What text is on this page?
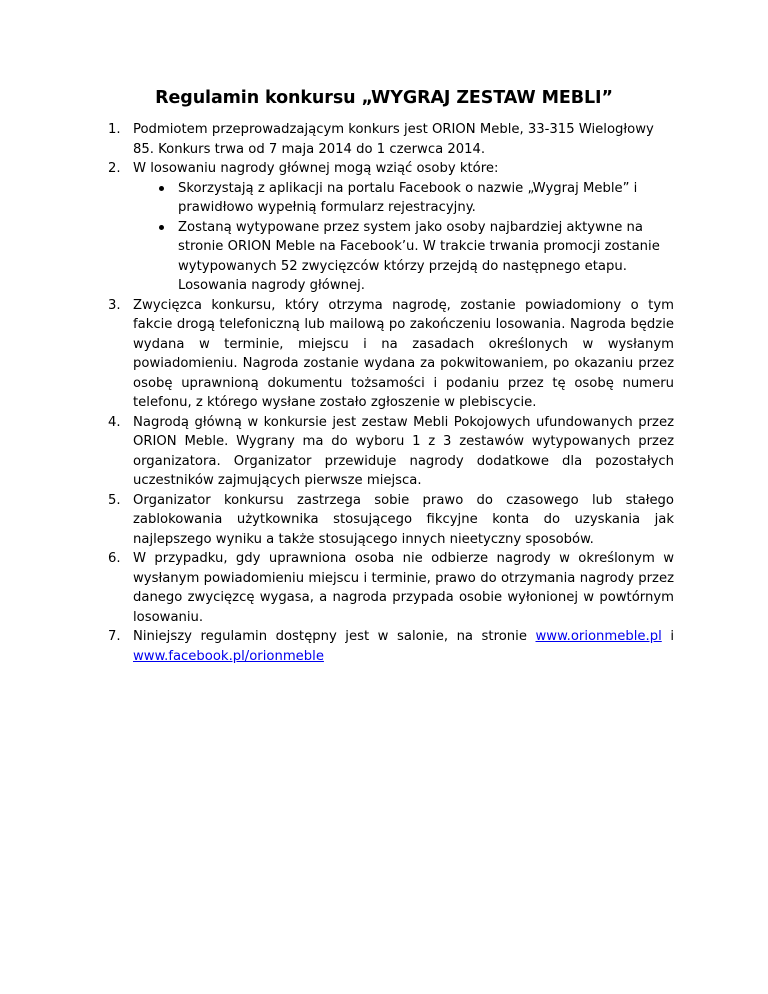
Regulamin konkursu „WYGRAJ ZESTAW MEBLI”
1. Podmiotem przeprowadzającym konkurs jest ORION Meble, 33-315 Wielogłowy 85. Konkurs trwa od 7 maja 2014 do 1 czerwca 2014.
2. W losowaniu nagrody głównej mogą wziąć osoby które:
Skorzystają z aplikacji na portalu Facebook o nazwie „Wygraj Meble” i prawidłowo wypełnią formularz rejestracyjny.
Zostaną wytypowane przez system jako osoby najbardziej aktywne na stronie ORION Meble na Facebook’u. W trakcie trwania promocji zostanie wytypowanych 52 zwycięzców którzy przejdą do następnego etapu. Losowania nagrody głównej.
3. Zwycięzca konkursu, który otrzyma nagrodę, zostanie powiadomiony o tym fakcie drogą telefoniczną lub mailową po zakończeniu losowania. Nagroda będzie wydana w terminie, miejscu i na zasadach określonych w wysłanym powiadomieniu. Nagroda zostanie wydana za pokwitowaniem, po okazaniu przez osobę uprawnioną dokumentu tożsamości i podaniu przez tę osobę numeru telefonu, z którego wysłane zostało zgłoszenie w plebiscycie.
4. Nagrodą główną w konkursie jest zestaw Mebli Pokojowych ufundowanych przez ORION Meble. Wygrany ma do wyboru 1 z 3 zestawów wytypowanych przez organizatora. Organizator przewiduje nagrody dodatkowe dla pozostałych uczestników zajmujących pierwsze miejsca.
5. Organizator konkursu zastrzega sobie prawo do czasowego lub stałego zablokowania użytkownika stosującego fikcyjne konta do uzyskania jak najlepszego wyniku a także stosującego innych nieetyczny sposobów.
6. W przypadku, gdy uprawniona osoba nie odbierze nagrody w określonym w wysłanym powiadomieniu miejscu i terminie, prawo do otrzymania nagrody przez danego zwycięzcę wygasa, a nagroda przypada osobie wyłonionej w powtórnym losowaniu.
7. Niniejszy regulamin dostępny jest w salonie, na stronie www.orionmeble.pl i www.facebook.pl/orionmeble
